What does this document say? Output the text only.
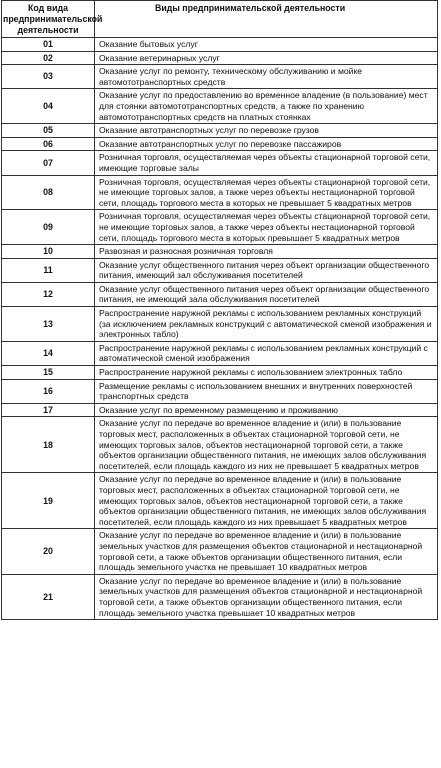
Код вида предпринимательской деятельности	Виды предпринимательской деятельности
01	Оказание бытовых услуг
02	Оказание ветеринарных услуг
03	Оказание услуг по ремонту, техническому обслуживанию и мойке автомототранспортных средств
04	Оказание услуг по предоставлению во временное владение (в пользование) мест для стоянки автомототранспортных средств, а также по хранению автомототранспортных средств на платных стоянках
05	Оказание автотранспортных услуг по перевозке грузов
06	Оказание автотранспортных услуг по перевозке пассажиров
07	Розничная торговля, осуществляемая через объекты стационарной торговой сети, имеющие торговые залы
08	Розничная торговля, осуществляемая через объекты стационарной торговой сети, не имеющие торговых залов, а также через объекты нестационарной торговой сети, площадь торгового места в которых не превышает 5 квадратных метров
09	Розничная торговля, осуществляемая через объекты стационарной торговой сети, не имеющие торговых залов, а также через объекты нестационарной торговой сети, площадь торгового места в которых превышает 5 квадратных метров
10	Развозная и разносная розничная торговля
11	Оказание услуг общественного питания через объект организации общественного питания, имеющий зал обслуживания посетителей
12	Оказание услуг общественного питания через объект организации общественного питания, не имеющий зала обслуживания посетителей
13	Распространение наружной рекламы с использованием рекламных конструкций (за исключением рекламных конструкций с автоматической сменой изображения и электронных табло)
14	Распространение наружной рекламы с использованием рекламных конструкций с автоматической сменой изображения
15	Распространение наружной рекламы с использованием электронных табло
16	Размещение рекламы с использованием внешних и внутренних поверхностей транспортных средств
17	Оказание услуг по временному размещению и проживанию
18	Оказание услуг по передаче во временное владение и (или) в пользование торговых мест, расположенных в объектах стационарной торговой сети, не имеющих торговых залов, объектов нестационарной торговой сети, а также объектов организации общественного питания, не имеющих залов обслуживания посетителей, если площадь каждого из них не превышает 5 квадратных метров
19	Оказание услуг по передаче во временное владение и (или) в пользование торговых мест, расположенных в объектах стационарной торговой сети, не имеющих торговых залов, объектов нестационарной торговой сети, а также объектов организации общественного питания, не имеющих залов обслуживания посетителей, если площадь каждого из них превышает 5 квадратных метров
20	Оказание услуг по передаче во временное владение и (или) в пользование земельных участков для размещения объектов стационарной и нестационарной торговой сети, а также объектов организации общественного питания, если площадь земельного участка не превышает 10 квадратных метров
21	Оказание услуг по передаче во временное владение и (или) в пользование земельных участков для размещения объектов стационарной и нестационарной торговой сети, а также объектов организации общественного питания, если площадь земельного участка превышает 10 квадратных метров
